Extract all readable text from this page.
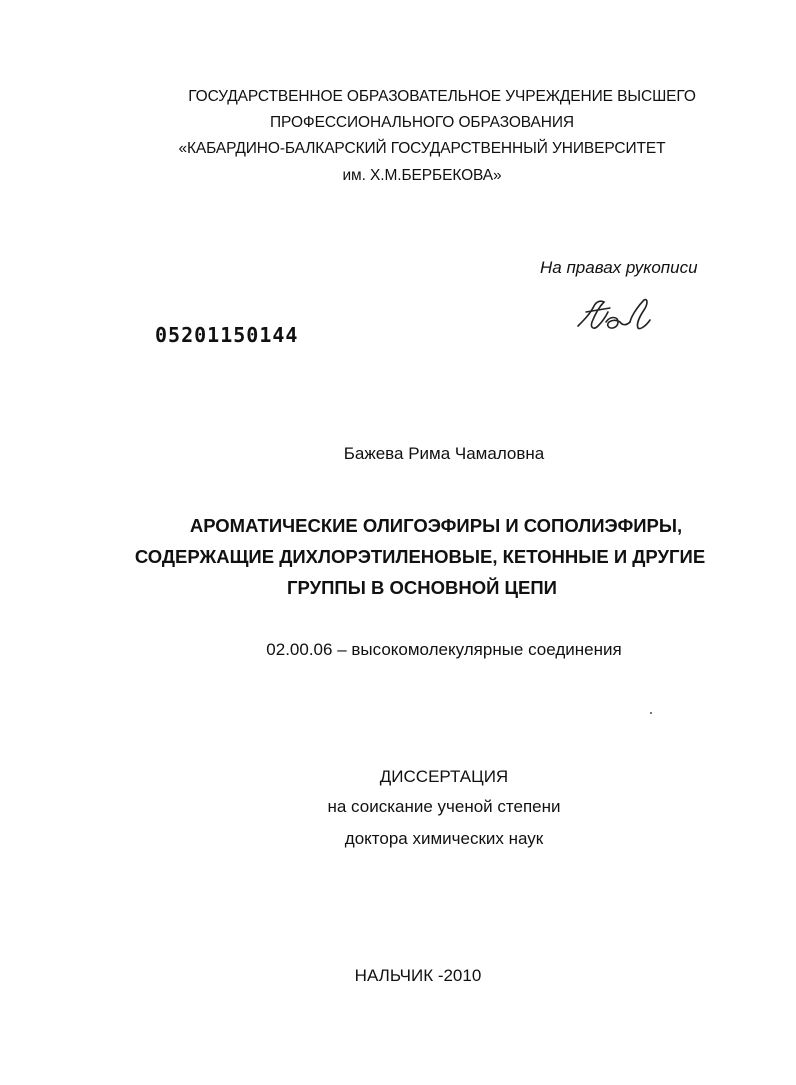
ГОСУДАРСТВЕННОЕ ОБРАЗОВАТЕЛЬНОЕ УЧРЕЖДЕНИЕ ВЫСШЕГО
ПРОФЕССИОНАЛЬНОГО ОБРАЗОВАНИЯ
«КАБАРДИНО-БАЛКАРСКИЙ ГОСУДАРСТВЕННЫЙ УНИВЕРСИТЕТ
им. Х.М.БЕРБЕКОВА»
На правах рукописи
05201150144
Бажева Рима Чамаловна
АРОМАТИЧЕСКИЕ ОЛИГОЭФИРЫ И СОПОЛИЭФИРЫ,
СОДЕРЖАЩИЕ ДИХЛОРЭТИЛЕНОВЫЕ, КЕТОННЫЕ И ДРУГИЕ
ГРУППЫ В ОСНОВНОЙ ЦЕПИ
02.00.06 – высокомолекулярные соединения
ДИССЕРТАЦИЯ
на соискание ученой степени
доктора химических наук
НАЛЬЧИК -2010
